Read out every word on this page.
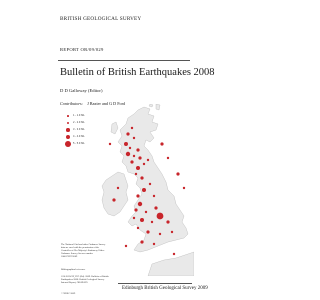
BRITISH GEOLOGICAL SURVEY
REPORT OR/09/029
Bulletin of British Earthquakes 2008
D D Galloway (Editor)
Contributors: J Baxter and G D Ford
1 - 1.9 ML
2 - 2.9 ML
3 - 3.9 ML
4 - 4.9 ML
5 - 5.9 ML
The National Grid and other Ordnance Survey data are used with the permission of the Controller of Her Majesty's Stationery Office. Ordnance Survey licence number 100017897/2009
Bibliographical reference
GALLOWAY, D D (Ed). 2009. Bulletin of British Earthquakes 2008. British Geological Survey Internal Report, OR/09/029.
© NERC 2009
Edinburgh British Geological Survey 2009
